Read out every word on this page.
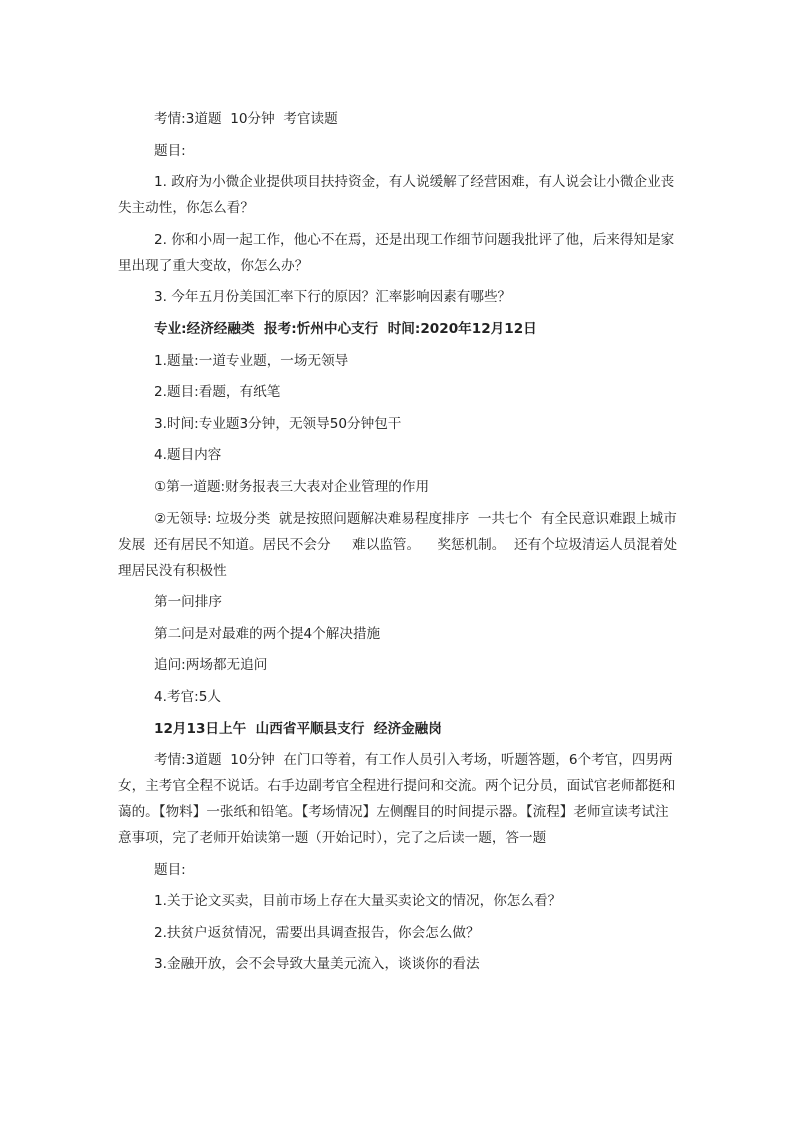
考情:3道题  10分钟  考官读题

题目:

1. 政府为小微企业提供项目扶持资金，有人说缓解了经营困难，有人说会让小微企业丧失主动性，你怎么看？

2. 你和小周一起工作，他心不在焉，还是出现工作细节问题我批评了他，后来得知是家里出现了重大变故，你怎么办？

3. 今年五月份美国汇率下行的原因？汇率影响因素有哪些？

专业:经济经融类  报考:忻州中心支行  时间:2020年12月12日

1.题量:一道专业题，一场无领导

2.题目:看题，有纸笔

3.时间:专业题3分钟，无领导50分钟包干

4.题目内容

①第一道题:财务报表三大表对企业管理的作用

②无领导: 垃圾分类  就是按照问题解决难易程度排序  一共七个  有全民意识难跟上城市发展  还有居民不知道。居民不会分     难以监管。    奖惩机制。  还有个垃圾清运人员混着处理居民没有积极性

第一问排序

第二问是对最难的两个提4个解决措施

追问:两场都无追问

4.考官:5人

12月13日上午  山西省平顺县支行  经济金融岗

考情:3道题  10分钟  在门口等着，有工作人员引入考场，听题答题，6个考官，四男两女，主考官全程不说话。右手边副考官全程进行提问和交流。两个记分员，面试官老师都挺和蔼的。【物料】一张纸和铅笔。【考场情况】左侧醒目的时间提示器。【流程】老师宣读考试注意事项，完了老师开始读第一题（开始记时），完了之后读一题，答一题

题目:

1.关于论文买卖，目前市场上存在大量买卖论文的情况，你怎么看？

2.扶贫户返贫情况，需要出具调查报告，你会怎么做？

3.金融开放，会不会导致大量美元流入，谈谈你的看法
